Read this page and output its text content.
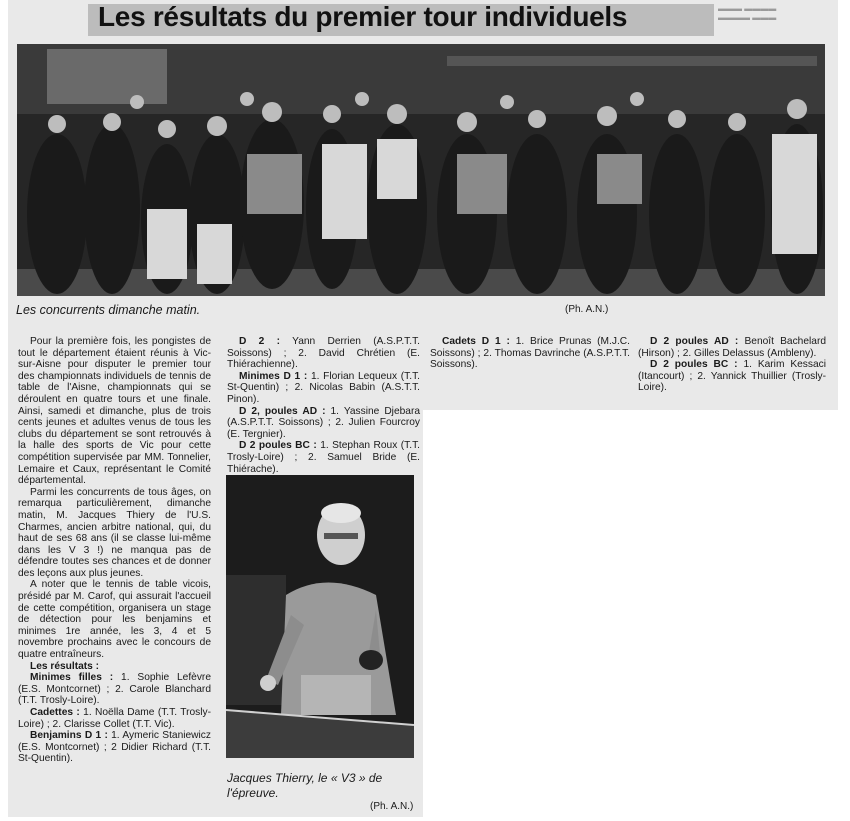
▬▬▬ ▬▬▬▬
▬▬▬▬ ▬▬▬
Les résultats du premier tour individuels
Les concurrents dimanche matin.	(Ph. A.N.)

Pour la première fois, les pongistes de tout le département étaient réunis à Vic-sur-Aisne pour disputer le premier tour des championnats individuels de tennis de table de l'Aisne, championnats qui se déroulent en quatre tours et une finale. Ainsi, samedi et dimanche, plus de trois cents jeunes et adultes venus de tous les clubs du département se sont retrouvés à la halle des sports de Vic pour cette compétition supervisée par MM. Tonnelier, Lemaire et Caux, représentant le Comité départemental.

Parmi les concurrents de tous âges, on remarqua particulièrement, dimanche matin, M. Jacques Thiery de l'U.S. Charmes, ancien arbitre national, qui, du haut de ses 68 ans (il se classe lui-même dans les V 3 !) ne manqua pas de défendre toutes ses chances et de donner des leçons aux plus jeunes.

A noter que le tennis de table vicois, présidé par M. Carof, qui assurait l'accueil de cette compétition, organisera un stage de détection pour les benjamins et minimes 1re année, les 3, 4 et 5 novembre prochains avec le concours de quatre entraîneurs.

Les résultats :

Minimes filles : 1. Sophie Lefèvre (E.S. Montcornet) ; 2. Carole Blanchard (T.T. Trosly-Loire).

Cadettes : 1. Noëlla Dame (T.T. Trosly-Loire) ; 2. Clarisse Collet (T.T. Vic).

Benjamins D 1 : 1. Aymeric Staniewicz (E.S. Montcornet) ; 2 Didier Richard (T.T. St-Quentin).

D 2 : Yann Derrien (A.S.P.T.T. Soissons) ; 2. David Chrétien (E. Thiérachienne).

Minimes D 1 : 1. Florian Lequeux (T.T. St-Quentin) ; 2. Nicolas Babin (A.S.T.T. Pinon).

D 2, poules AD : 1. Yassine Djebara (A.S.P.T.T. Soissons) ; 2. Julien Fourcroy (E. Tergnier).

D 2 poules BC : 1. Stephan Roux (T.T. Trosly-Loire) ; 2. Samuel Bride (E. Thiérache).

Cadets D 1 : 1. Brice Prunas (M.J.C. Soissons) ; 2. Thomas Davrinche (A.S.P.T.T. Soissons).

D 2 poules AD : Benoît Bachelard (Hirson) ; 2. Gilles Delassus (Ambleny).

D 2 poules BC : 1. Karim Kessaci (Itancourt) ; 2. Yannick Thuillier (Trosly-Loire).

Jacques Thierry, le « V3 » de l'épreuve.
(Ph. A.N.)
